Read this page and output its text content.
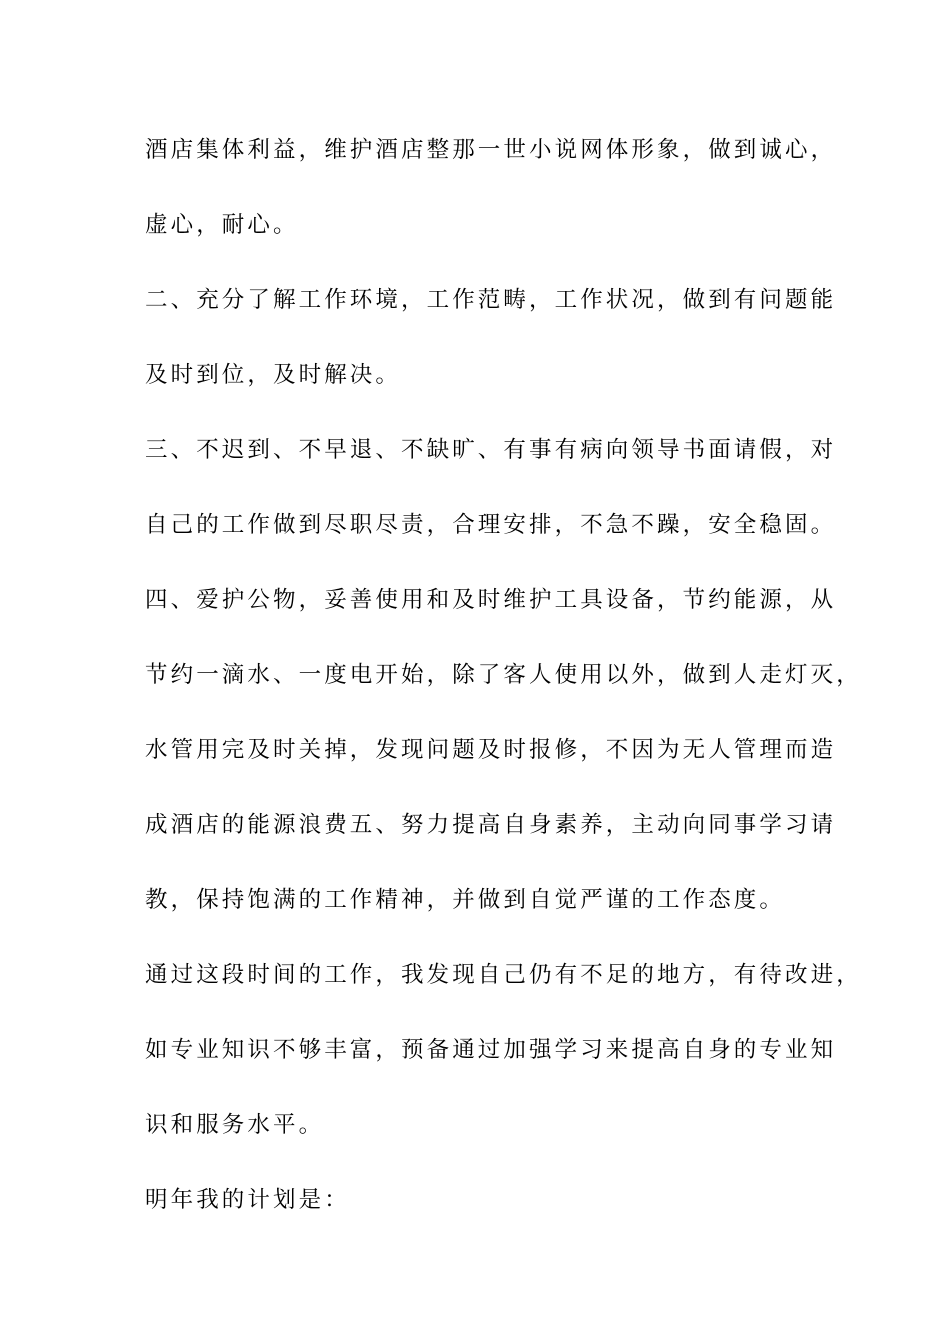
酒店集体利益，维护酒店整那一世小说网体形象，做到诚心，

虚心，耐心。

二、充分了解工作环境，工作范畴，工作状况，做到有问题能

及时到位，及时解决。

三、不迟到、不早退、不缺旷、有事有病向领导书面请假，对

自己的工作做到尽职尽责，合理安排，不急不躁，安全稳固。

四、爱护公物，妥善使用和及时维护工具设备，节约能源，从

节约一滴水、一度电开始，除了客人使用以外，做到人走灯灭，

水管用完及时关掉，发现问题及时报修，不因为无人管理而造

成酒店的能源浪费五、努力提高自身素养，主动向同事学习请

教，保持饱满的工作精神，并做到自觉严谨的工作态度。

通过这段时间的工作，我发现自己仍有不足的地方，有待改进，

如专业知识不够丰富，预备通过加强学习来提高自身的专业知

识和服务水平。

明年我的计划是：
